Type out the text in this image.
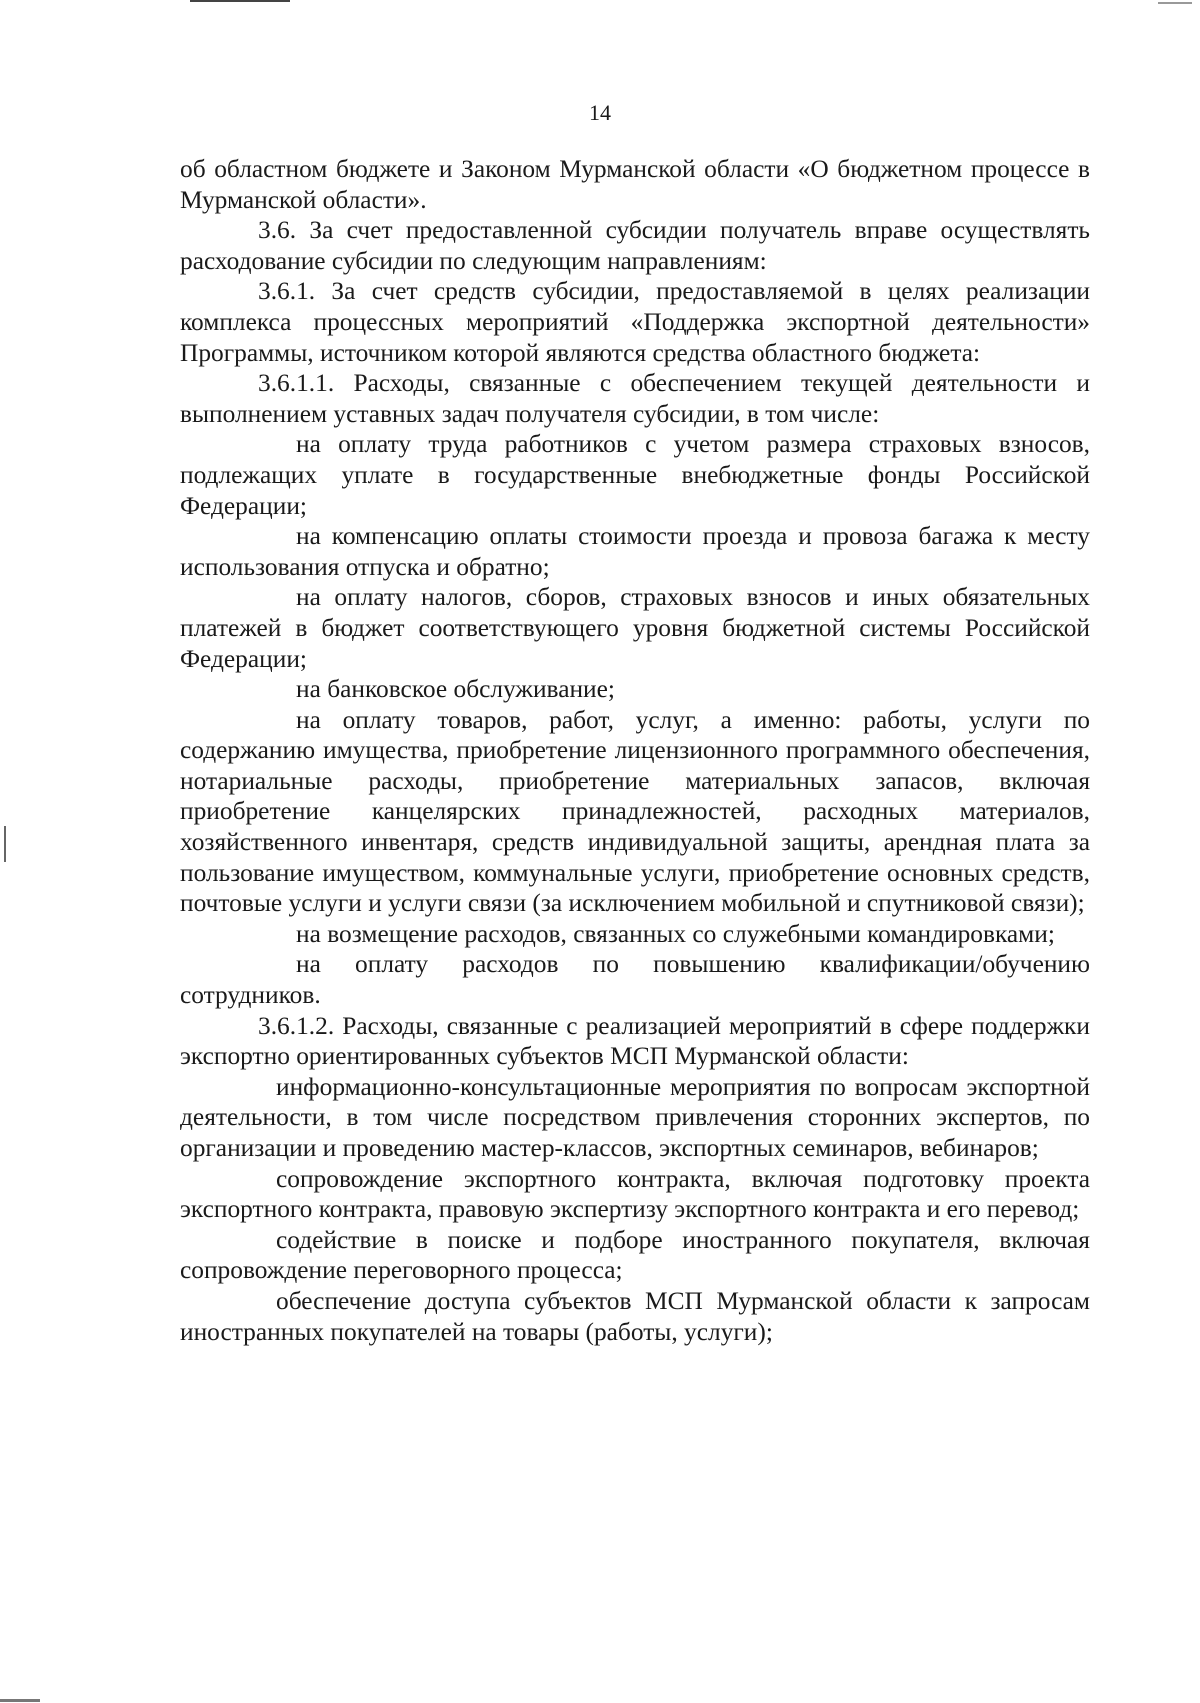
14

об областном бюджете и Законом Мурманской области «О бюджетном процессе в Мурманской области».

3.6. За счет предоставленной субсидии получатель вправе осуществлять расходование субсидии по следующим направлениям:

3.6.1. За счет средств субсидии, предоставляемой в целях реализации комплекса процессных мероприятий «Поддержка экспортной деятельности» Программы, источником которой являются средства областного бюджета:

3.6.1.1. Расходы, связанные с обеспечением текущей деятельности и выполнением уставных задач получателя субсидии, в том числе:

на оплату труда работников с учетом размера страховых взносов, подлежащих уплате в государственные внебюджетные фонды Российской Федерации;

на компенсацию оплаты стоимости проезда и провоза багажа к месту использования отпуска и обратно;

на оплату налогов, сборов, страховых взносов и иных обязательных платежей в бюджет соответствующего уровня бюджетной системы Российской Федерации;

на банковское обслуживание;

на оплату товаров, работ, услуг, а именно: работы, услуги по содержанию имущества, приобретение лицензионного программного обеспечения, нотариальные расходы, приобретение материальных запасов, включая приобретение канцелярских принадлежностей, расходных материалов, хозяйственного инвентаря, средств индивидуальной защиты, арендная плата за пользование имуществом, коммунальные услуги, приобретение основных средств, почтовые услуги и услуги связи (за исключением мобильной и спутниковой связи);

на возмещение расходов, связанных со служебными командировками;

на оплату расходов по повышению квалификации/обучению сотрудников.

3.6.1.2. Расходы, связанные с реализацией мероприятий в сфере поддержки экспортно ориентированных субъектов МСП Мурманской области:

информационно-консультационные мероприятия по вопросам экспортной деятельности, в том числе посредством привлечения сторонних экспертов, по организации и проведению мастер-классов, экспортных семинаров, вебинаров;

сопровождение экспортного контракта, включая подготовку проекта экспортного контракта, правовую экспертизу экспортного контракта и его перевод;

содействие в поиске и подборе иностранного покупателя, включая сопровождение переговорного процесса;

обеспечение доступа субъектов МСП Мурманской области к запросам иностранных покупателей на товары (работы, услуги);
